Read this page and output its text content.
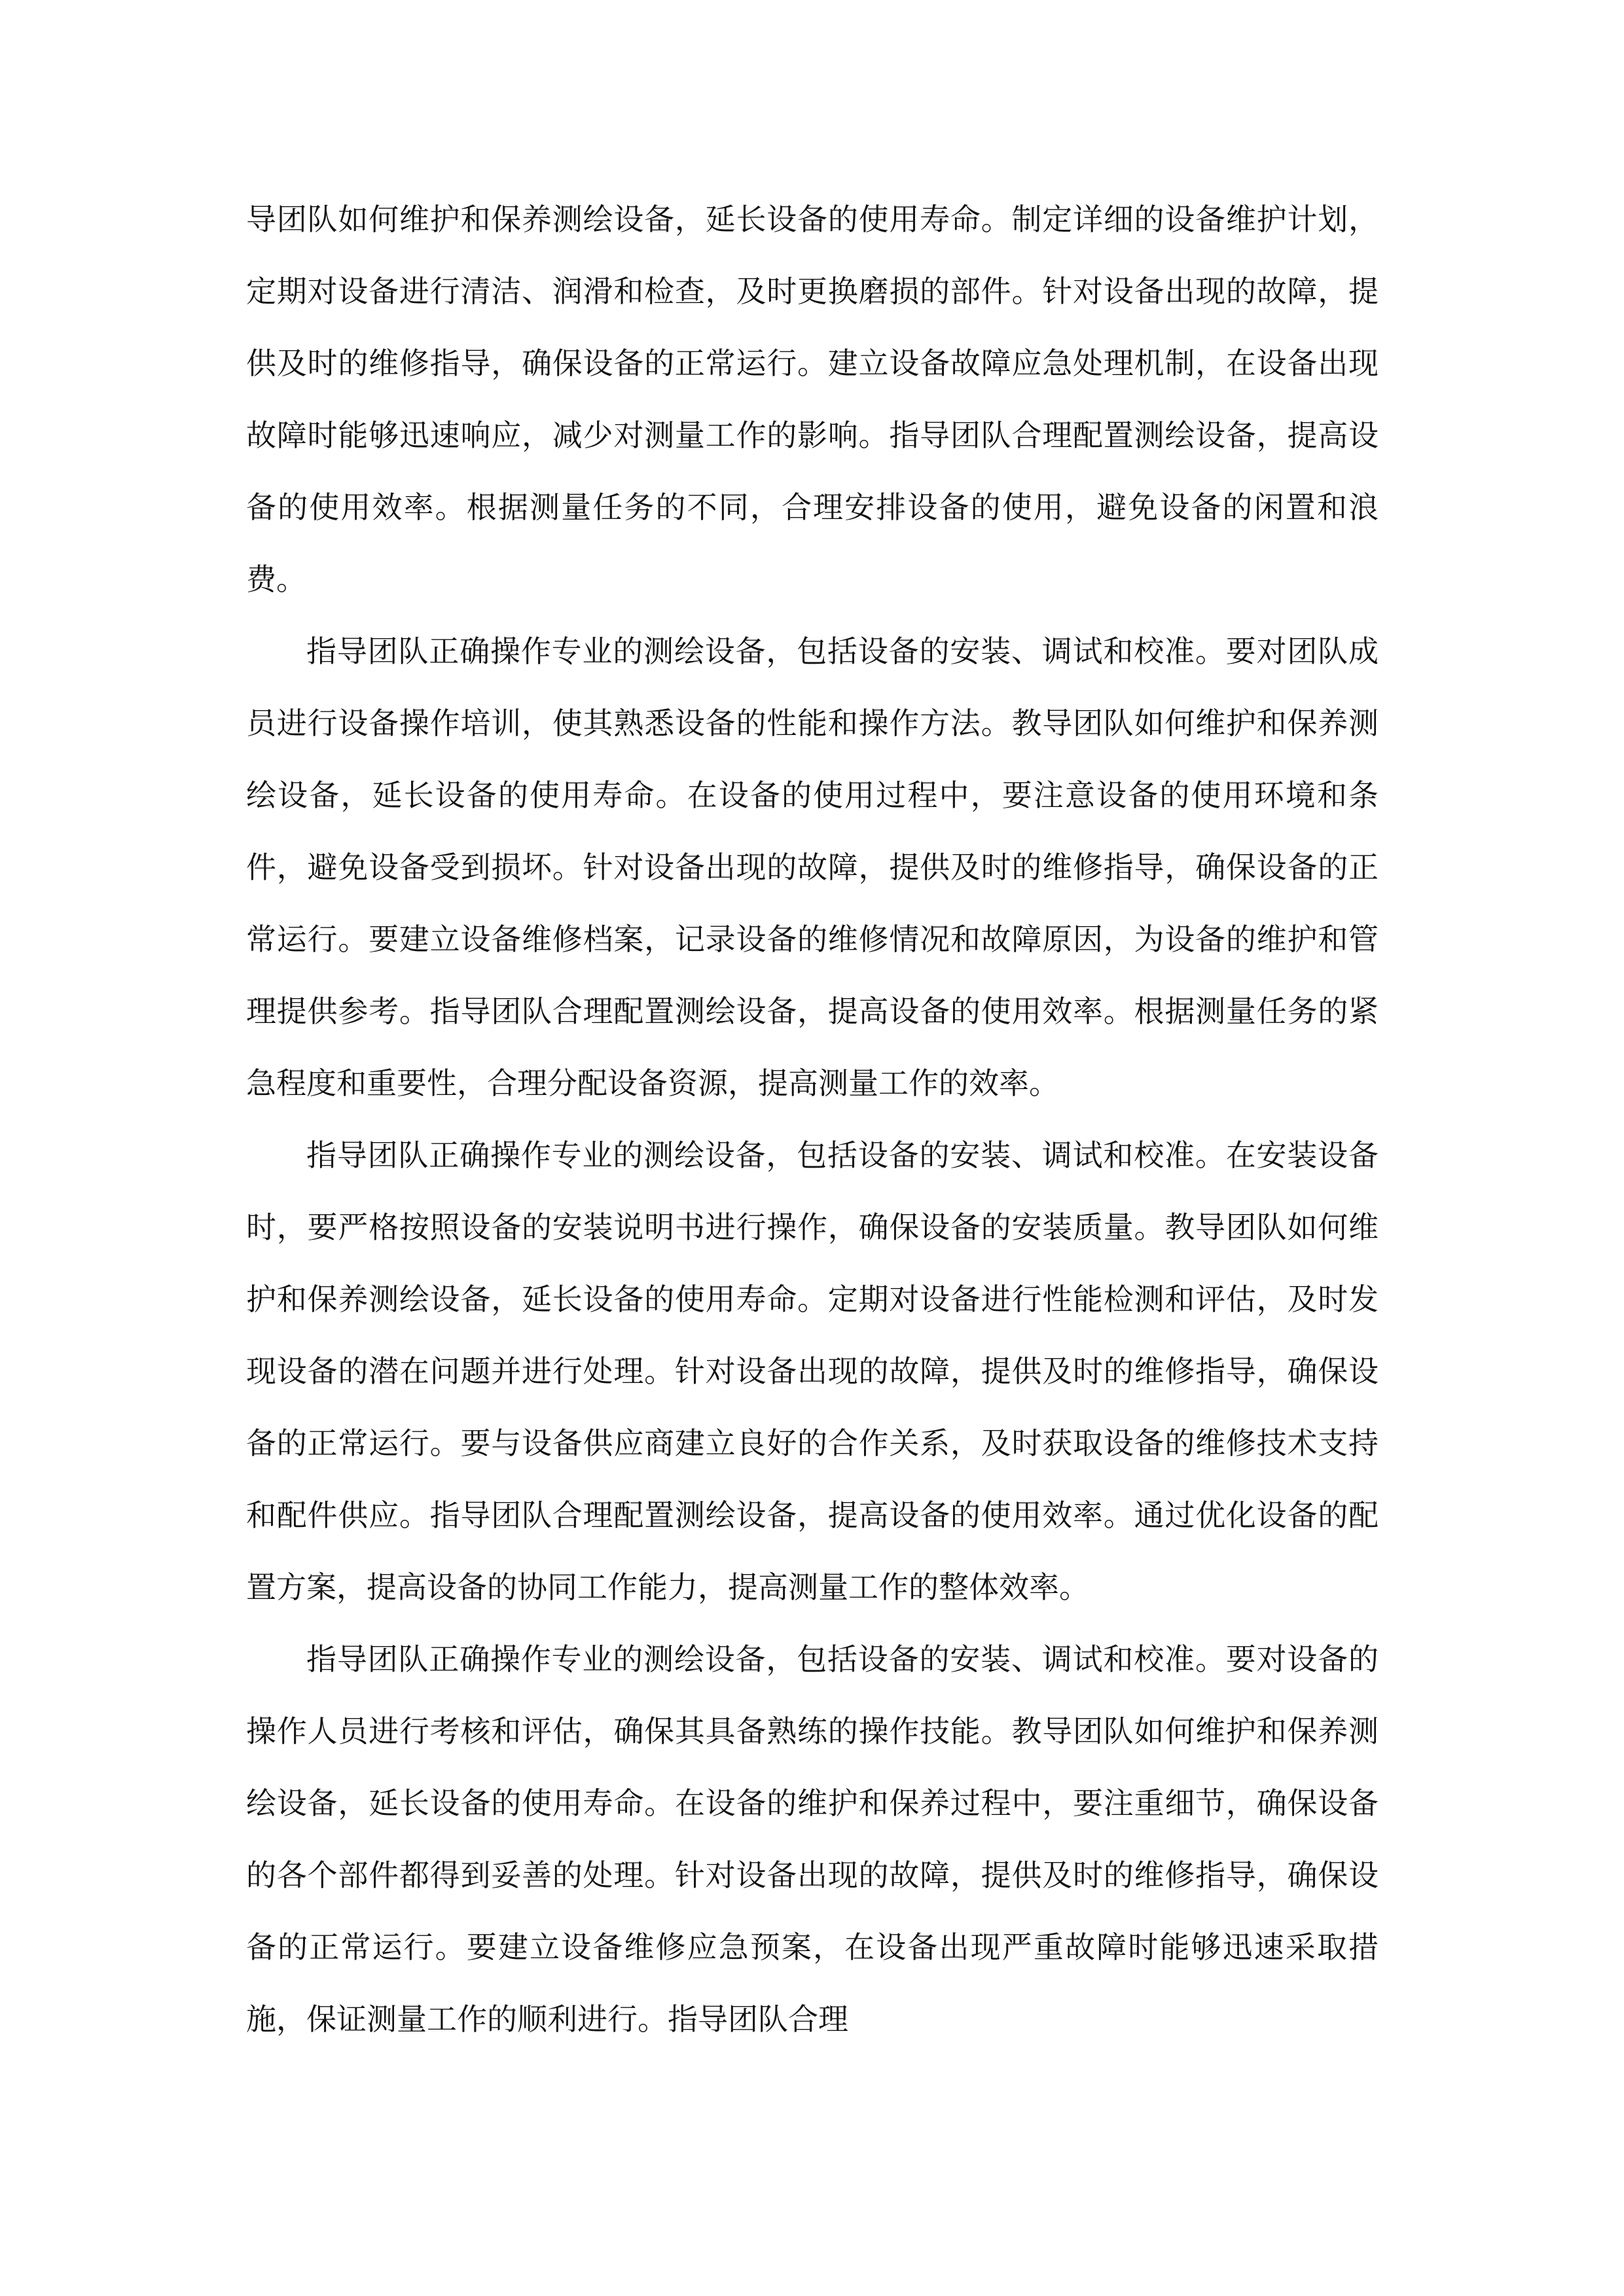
导团队如何维护和保养测绘设备，延长设备的使用寿命。制定详细的设备维护计划，定期对设备进行清洁、润滑和检查，及时更换磨损的部件。针对设备出现的故障，提供及时的维修指导，确保设备的正常运行。建立设备故障应急处理机制，在设备出现故障时能够迅速响应，减少对测量工作的影响。指导团队合理配置测绘设备，提高设备的使用效率。根据测量任务的不同，合理安排设备的使用，避免设备的闲置和浪费。

指导团队正确操作专业的测绘设备，包括设备的安装、调试和校准。要对团队成员进行设备操作培训，使其熟悉设备的性能和操作方法。教导团队如何维护和保养测绘设备，延长设备的使用寿命。在设备的使用过程中，要注意设备的使用环境和条件，避免设备受到损坏。针对设备出现的故障，提供及时的维修指导，确保设备的正常运行。要建立设备维修档案，记录设备的维修情况和故障原因，为设备的维护和管理提供参考。指导团队合理配置测绘设备，提高设备的使用效率。根据测量任务的紧急程度和重要性，合理分配设备资源，提高测量工作的效率。

指导团队正确操作专业的测绘设备，包括设备的安装、调试和校准。在安装设备时，要严格按照设备的安装说明书进行操作，确保设备的安装质量。教导团队如何维护和保养测绘设备，延长设备的使用寿命。定期对设备进行性能检测和评估，及时发现设备的潜在问题并进行处理。针对设备出现的故障，提供及时的维修指导，确保设备的正常运行。要与设备供应商建立良好的合作关系，及时获取设备的维修技术支持和配件供应。指导团队合理配置测绘设备，提高设备的使用效率。通过优化设备的配置方案，提高设备的协同工作能力，提高测量工作的整体效率。

指导团队正确操作专业的测绘设备，包括设备的安装、调试和校准。要对设备的操作人员进行考核和评估，确保其具备熟练的操作技能。教导团队如何维护和保养测绘设备，延长设备的使用寿命。在设备的维护和保养过程中，要注重细节，确保设备的各个部件都得到妥善的处理。针对设备出现的故障，提供及时的维修指导，确保设备的正常运行。要建立设备维修应急预案，在设备出现严重故障时能够迅速采取措施，保证测量工作的顺利进行。指导团队合理
